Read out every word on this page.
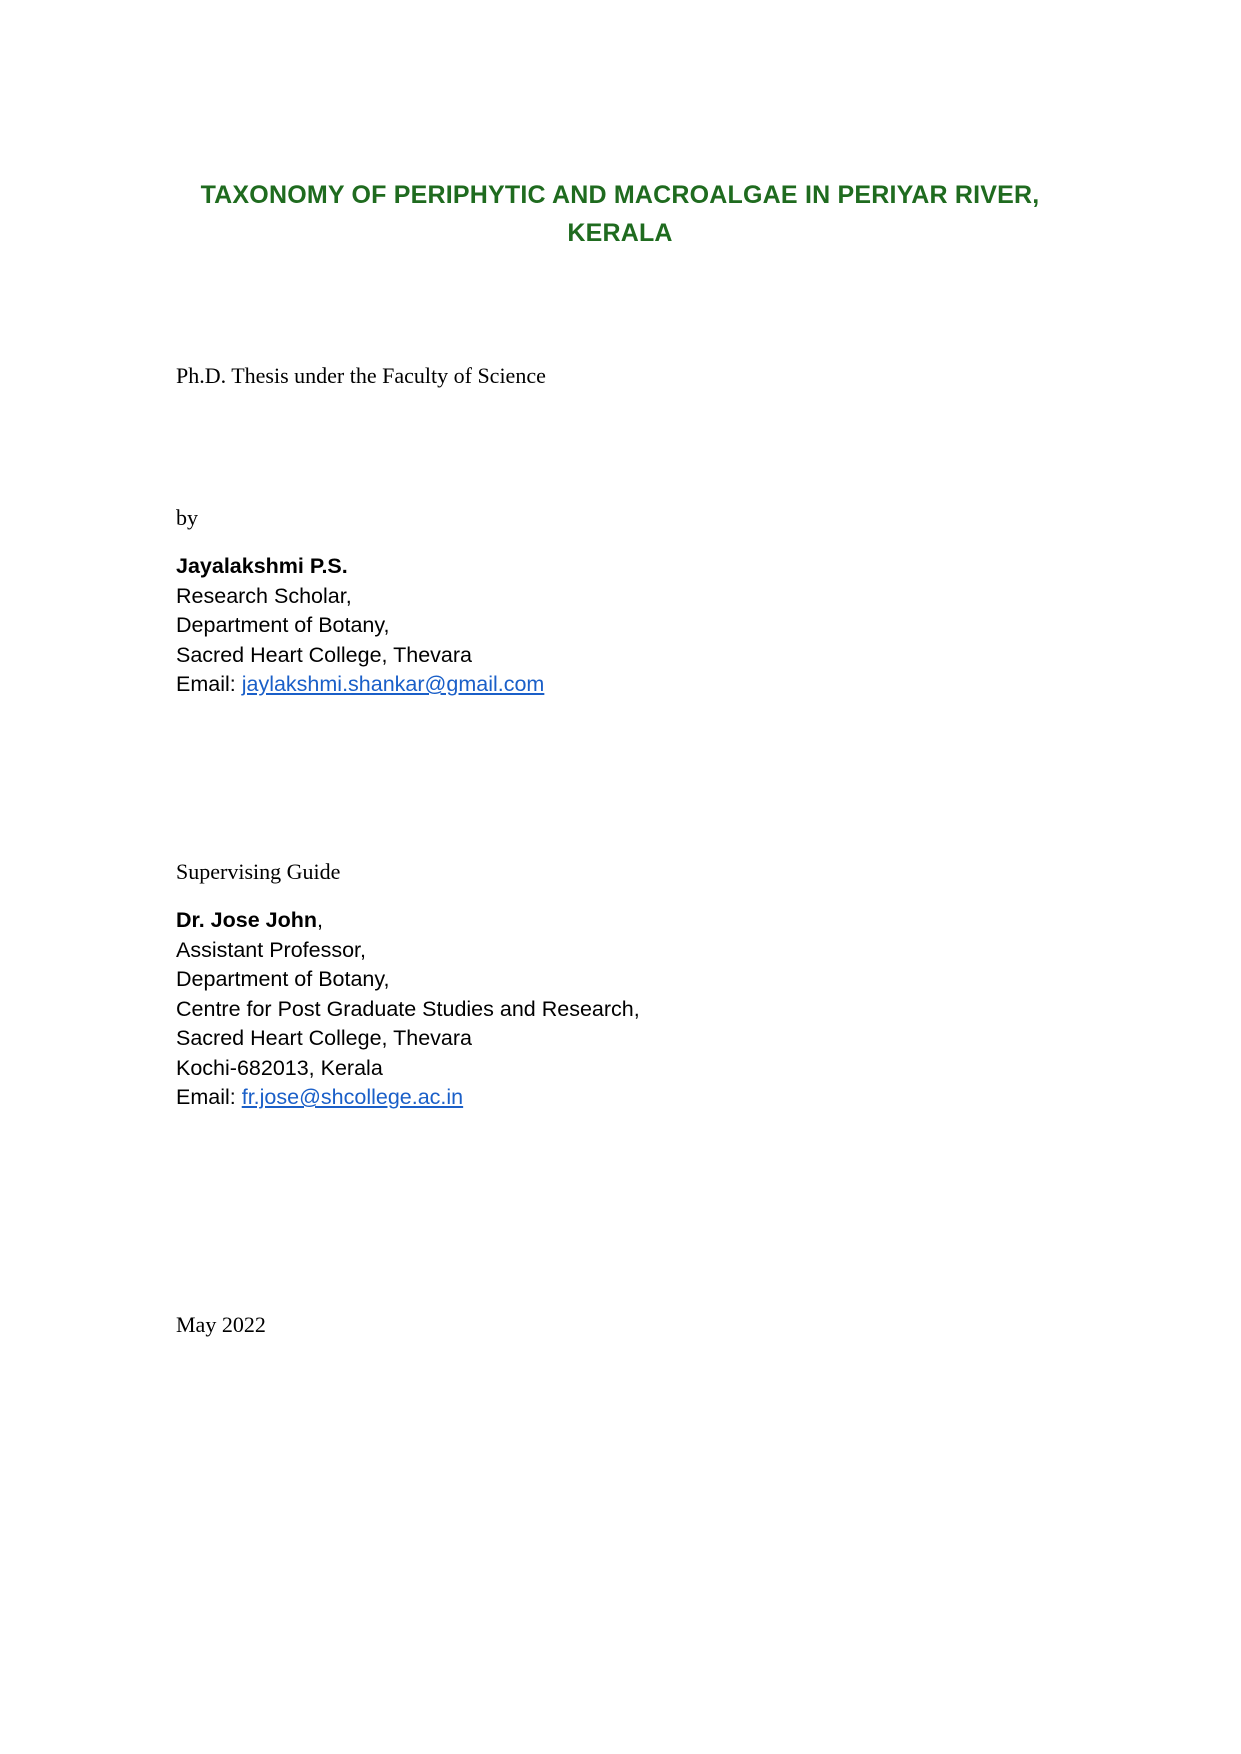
TAXONOMY OF PERIPHYTIC AND MACROALGAE IN PERIYAR RIVER,
KERALA
Ph.D. Thesis under the Faculty of Science
by
Jayalakshmi P.S.
Research Scholar,
Department of Botany,
Sacred Heart College, Thevara
Email: jaylakshmi.shankar@gmail.com
Supervising Guide
Dr. Jose John,
Assistant Professor,
Department of Botany,
Centre for Post Graduate Studies and Research,
Sacred Heart College, Thevara
Kochi-682013, Kerala
Email: fr.jose@shcollege.ac.in
May 2022
